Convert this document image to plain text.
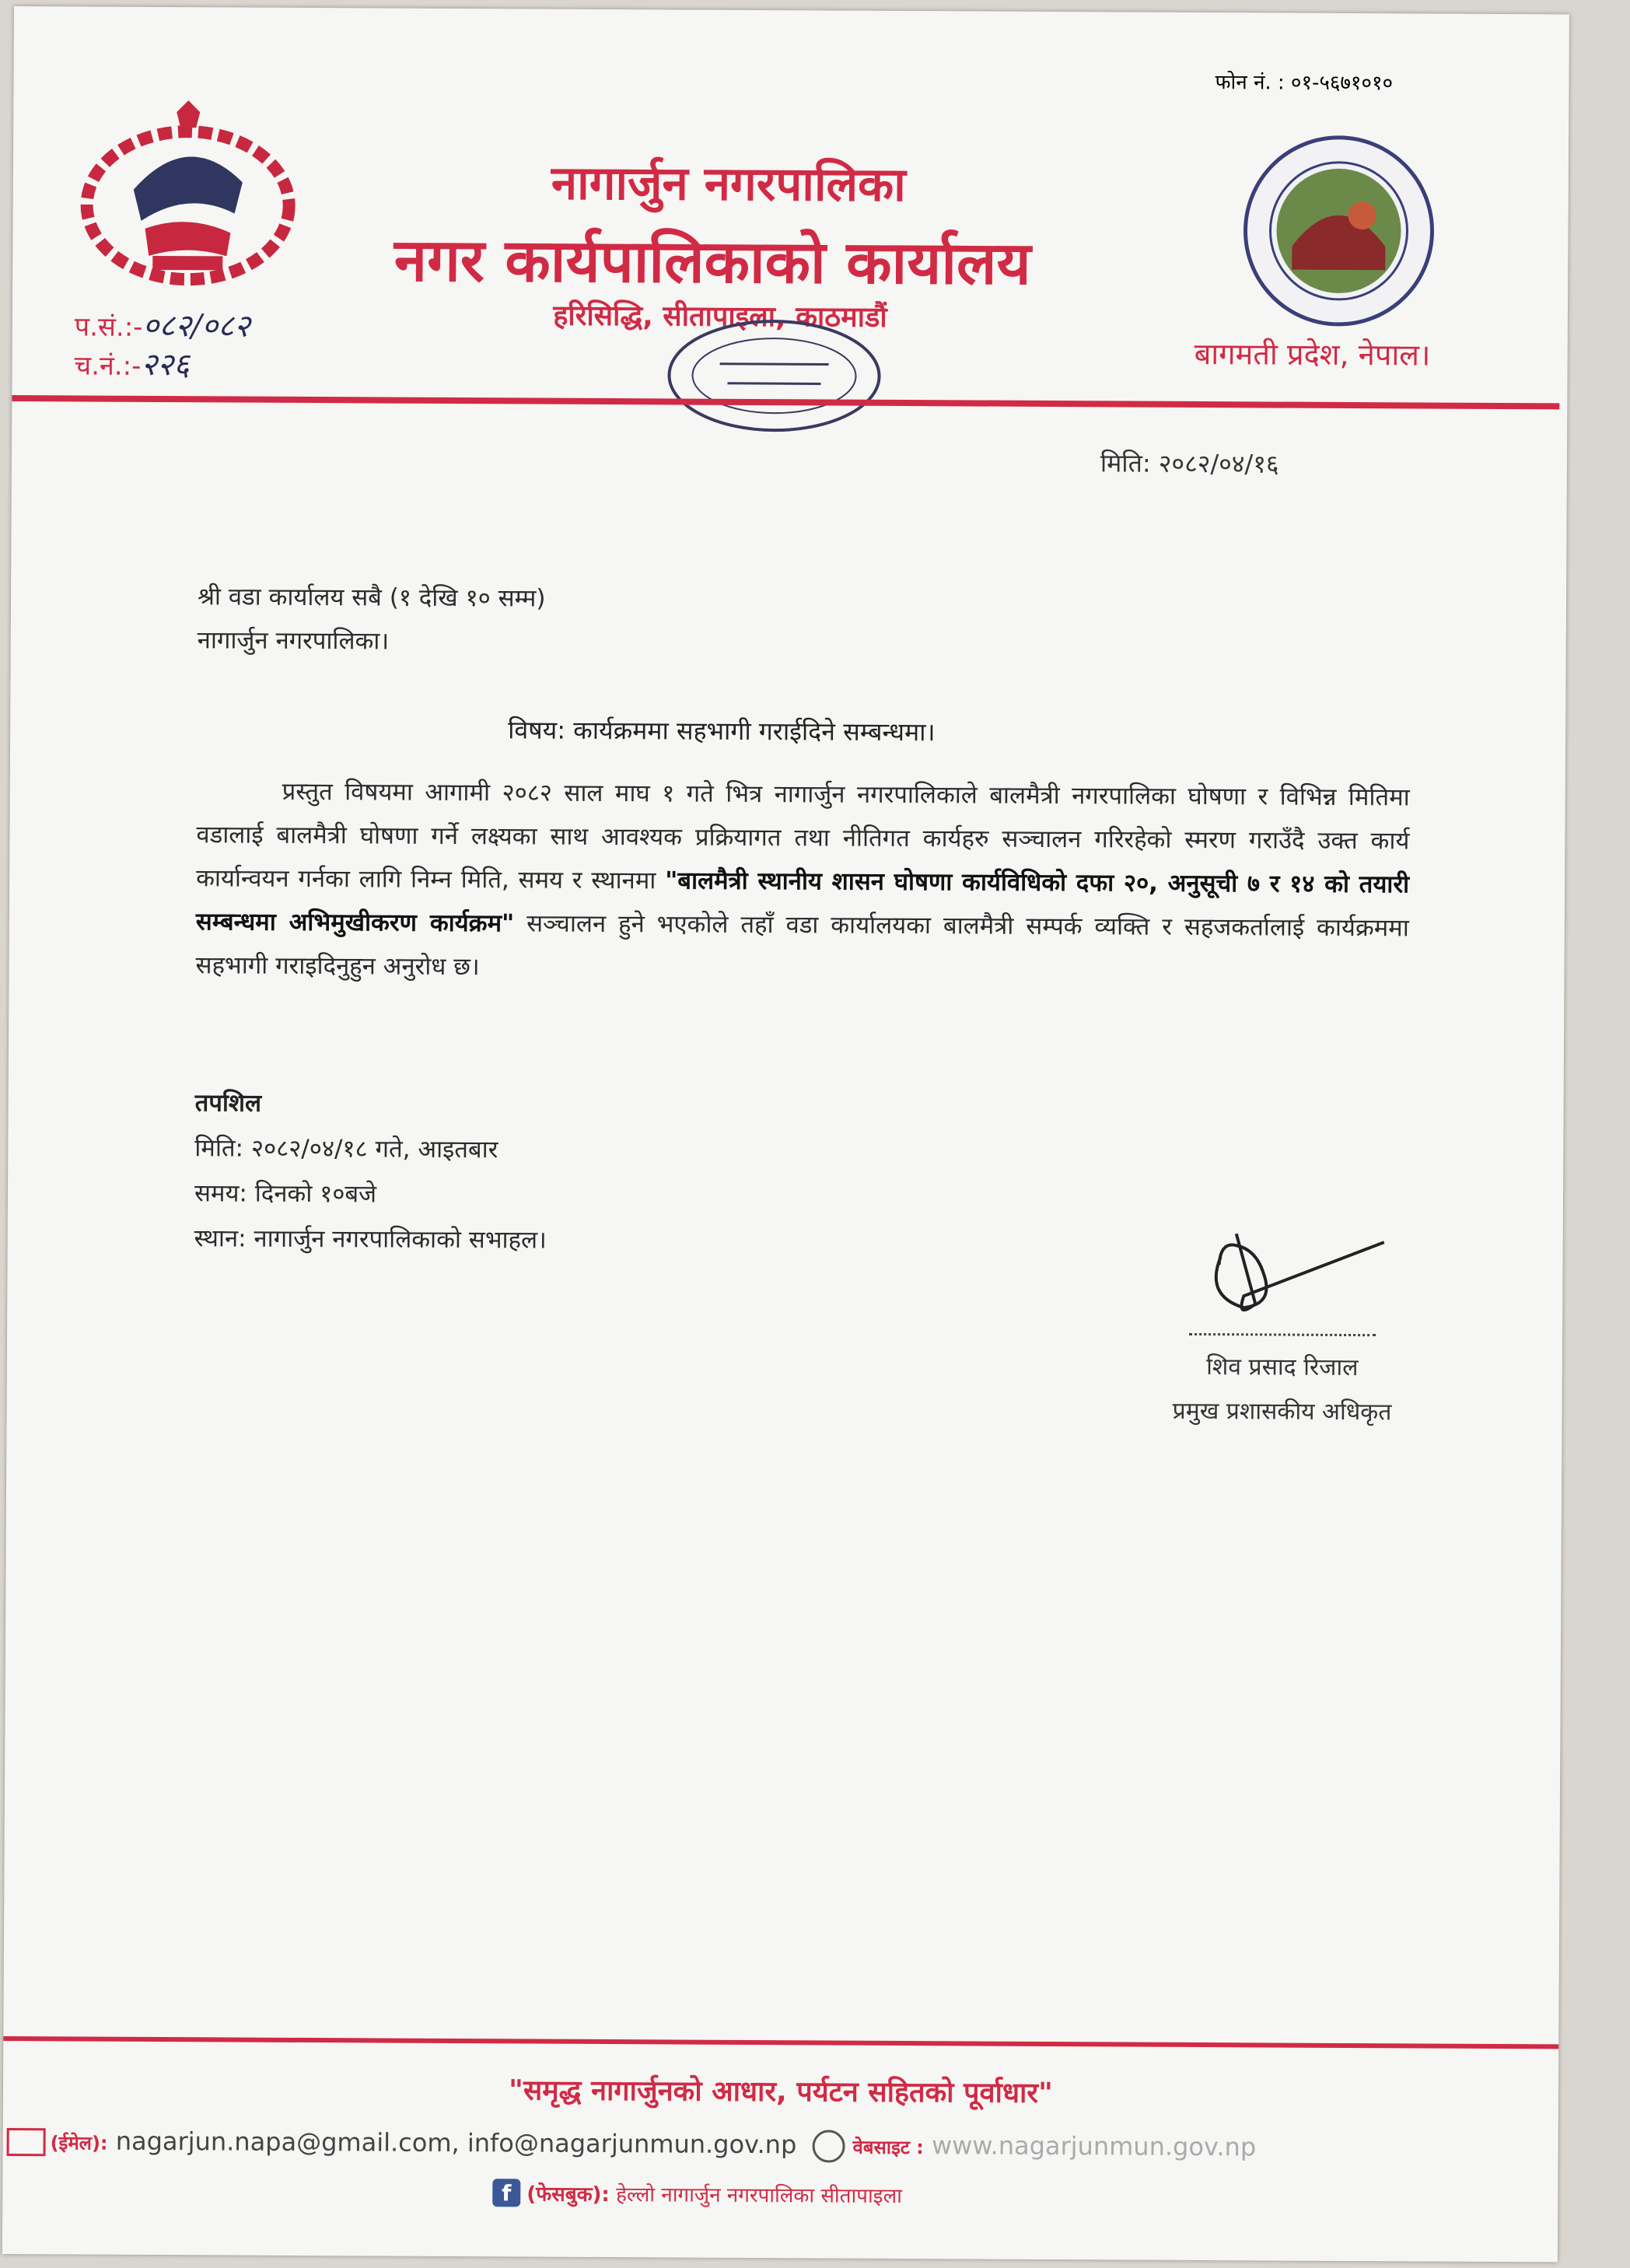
फोन नं. : ०१-५६७१०१०
नागार्जुन नगरपालिका
नगर कार्यपालिकाको कार्यालय
हरिसिद्धि, सीतापाइला, काठमाडौं
बागमती प्रदेश, नेपाल।
प.सं.:-०८२/०८२
च.नं.:-२२६
मिति: २०८२/०४/१६
श्री वडा कार्यालय सबै (१ देखि १० सम्म)
नागार्जुन नगरपालिका।
विषय: कार्यक्रममा सहभागी गराईदिने सम्बन्धमा।
प्रस्तुत विषयमा आगामी २०८२ साल माघ १ गते भित्र नागार्जुन नगरपालिकाले बालमैत्री नगरपालिका घोषणा र विभिन्न मितिमा वडालाई बालमैत्री घोषणा गर्ने लक्ष्यका साथ आवश्यक प्रक्रियागत तथा नीतिगत कार्यहरु सञ्चालन गरिरहेको स्मरण गराउँदै उक्त कार्य कार्यान्वयन गर्नका लागि निम्न मिति, समय र स्थानमा "बालमैत्री स्थानीय शासन घोषणा कार्यविधिको दफा २०, अनुसूची ७ र १४ को तयारी सम्बन्धमा अभिमुखीकरण कार्यक्रम" सञ्चालन हुने भएकोले तहाँ वडा कार्यालयका बालमैत्री सम्पर्क व्यक्ति र सहजकर्तालाई कार्यक्रममा सहभागी गराइदिनुहुन अनुरोध छ।
तपशिल
मिति: २०८२/०४/१८ गते, आइतबार
समय: दिनको १०बजे
स्थान: नागार्जुन नगरपालिकाको सभाहल।
शिव प्रसाद रिजाल
प्रमुख प्रशासकीय अधिकृत
"समृद्ध नागार्जुनको आधार, पर्यटन सहितको पूर्वाधार"
(ईमेल): nagarjun.napa@gmail.com, info@nagarjunmun.gov.np	वेबसाइट : www.nagarjunmun.gov.np
f (फेसबुक): हेल्लो नागार्जुन नगरपालिका सीतापाइला
